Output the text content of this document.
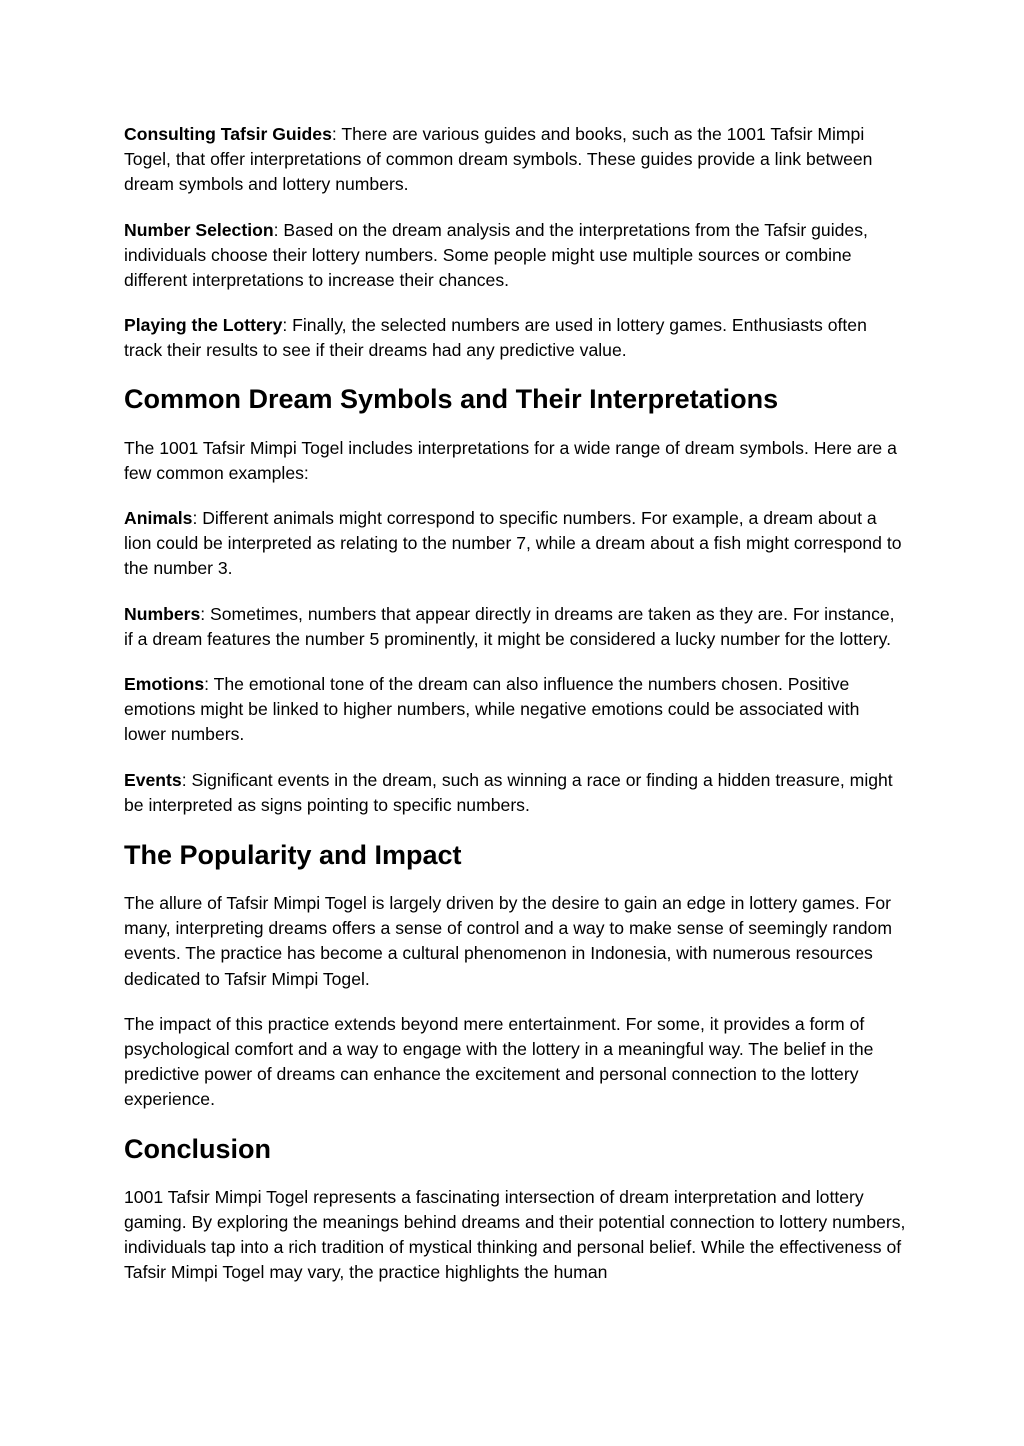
Consulting Tafsir Guides: There are various guides and books, such as the 1001 Tafsir Mimpi Togel, that offer interpretations of common dream symbols. These guides provide a link between dream symbols and lottery numbers.

Number Selection: Based on the dream analysis and the interpretations from the Tafsir guides, individuals choose their lottery numbers. Some people might use multiple sources or combine different interpretations to increase their chances.

Playing the Lottery: Finally, the selected numbers are used in lottery games. Enthusiasts often track their results to see if their dreams had any predictive value.

Common Dream Symbols and Their Interpretations

The 1001 Tafsir Mimpi Togel includes interpretations for a wide range of dream symbols. Here are a few common examples:

Animals: Different animals might correspond to specific numbers. For example, a dream about a lion could be interpreted as relating to the number 7, while a dream about a fish might correspond to the number 3.

Numbers: Sometimes, numbers that appear directly in dreams are taken as they are. For instance, if a dream features the number 5 prominently, it might be considered a lucky number for the lottery.

Emotions: The emotional tone of the dream can also influence the numbers chosen. Positive emotions might be linked to higher numbers, while negative emotions could be associated with lower numbers.

Events: Significant events in the dream, such as winning a race or finding a hidden treasure, might be interpreted as signs pointing to specific numbers.

The Popularity and Impact

The allure of Tafsir Mimpi Togel is largely driven by the desire to gain an edge in lottery games. For many, interpreting dreams offers a sense of control and a way to make sense of seemingly random events. The practice has become a cultural phenomenon in Indonesia, with numerous resources dedicated to Tafsir Mimpi Togel.

The impact of this practice extends beyond mere entertainment. For some, it provides a form of psychological comfort and a way to engage with the lottery in a meaningful way. The belief in the predictive power of dreams can enhance the excitement and personal connection to the lottery experience.

Conclusion

1001 Tafsir Mimpi Togel represents a fascinating intersection of dream interpretation and lottery gaming. By exploring the meanings behind dreams and their potential connection to lottery numbers, individuals tap into a rich tradition of mystical thinking and personal belief. While the effectiveness of Tafsir Mimpi Togel may vary, the practice highlights the human
